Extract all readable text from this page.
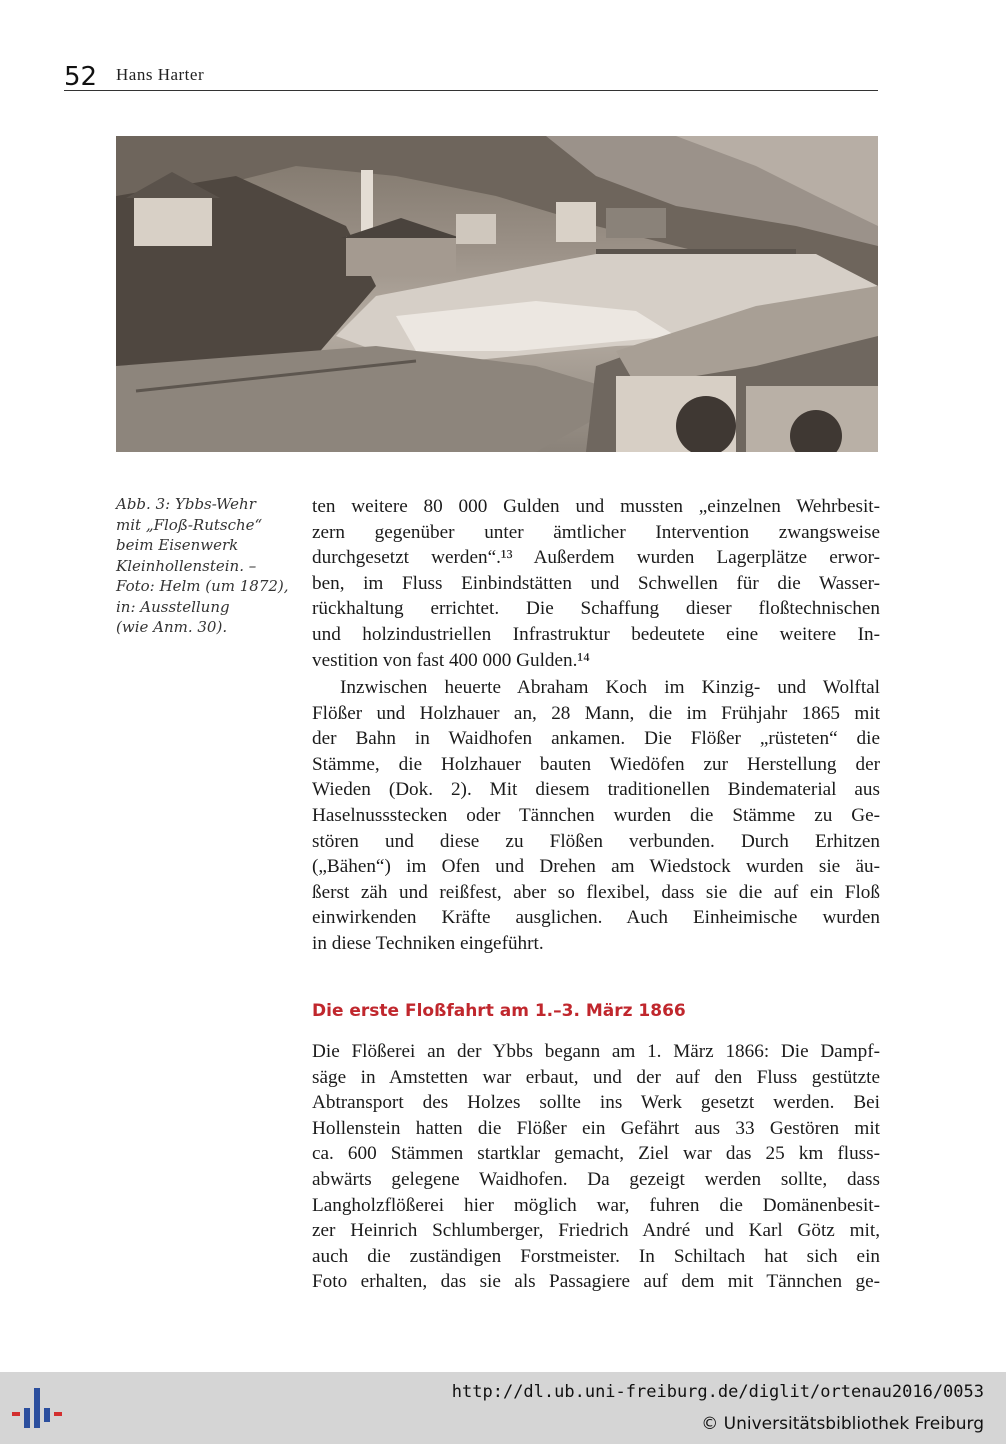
52 Hans Harter
Abb. 3: Ybbs-Wehr
mit „Floß-Rutsche“
beim Eisenwerk
Kleinhollenstein. –
Foto: Helm (um 1872),
in: Ausstellung
(wie Anm. 30).
ten weitere 80 000 Gulden und mussten „einzelnen Wehrbesit-
zern gegenüber unter ämtlicher Intervention zwangsweise
durchgesetzt werden“.¹³ Außerdem wurden Lagerplätze erwor-
ben, im Fluss Einbindstätten und Schwellen für die Wasser-
rückhaltung errichtet. Die Schaffung dieser floßtechnischen
und holzindustriellen Infrastruktur bedeutete eine weitere In-
vestition von fast 400 000 Gulden.¹⁴
Inzwischen heuerte Abraham Koch im Kinzig- und Wolftal
Flößer und Holzhauer an, 28 Mann, die im Frühjahr 1865 mit
der Bahn in Waidhofen ankamen. Die Flößer „rüsteten“ die
Stämme, die Holzhauer bauten Wiedöfen zur Herstellung der
Wieden (Dok. 2). Mit diesem traditionellen Bindematerial aus
Haselnussstecken oder Tännchen wurden die Stämme zu Ge-
stören und diese zu Flößen verbunden. Durch Erhitzen
(„Bähen“) im Ofen und Drehen am Wiedstock wurden sie äu-
ßerst zäh und reißfest, aber so flexibel, dass sie die auf ein Floß
einwirkenden Kräfte ausglichen. Auch Einheimische wurden
in diese Techniken eingeführt.
Die erste Floßfahrt am 1.–3. März 1866
Die Flößerei an der Ybbs begann am 1. März 1866: Die Dampf-
säge in Amstetten war erbaut, und der auf den Fluss gestützte
Abtransport des Holzes sollte ins Werk gesetzt werden. Bei
Hollenstein hatten die Flößer ein Gefährt aus 33 Gestören mit
ca. 600 Stämmen startklar gemacht, Ziel war das 25 km fluss-
abwärts gelegene Waidhofen. Da gezeigt werden sollte, dass
Langholzflößerei hier möglich war, fuhren die Domänenbesit-
zer Heinrich Schlumberger, Friedrich André und Karl Götz mit,
auch die zuständigen Forstmeister. In Schiltach hat sich ein
Foto erhalten, das sie als Passagiere auf dem mit Tännchen ge-
http://dl.ub.uni-freiburg.de/diglit/ortenau2016/0053
© Universitätsbibliothek Freiburg
